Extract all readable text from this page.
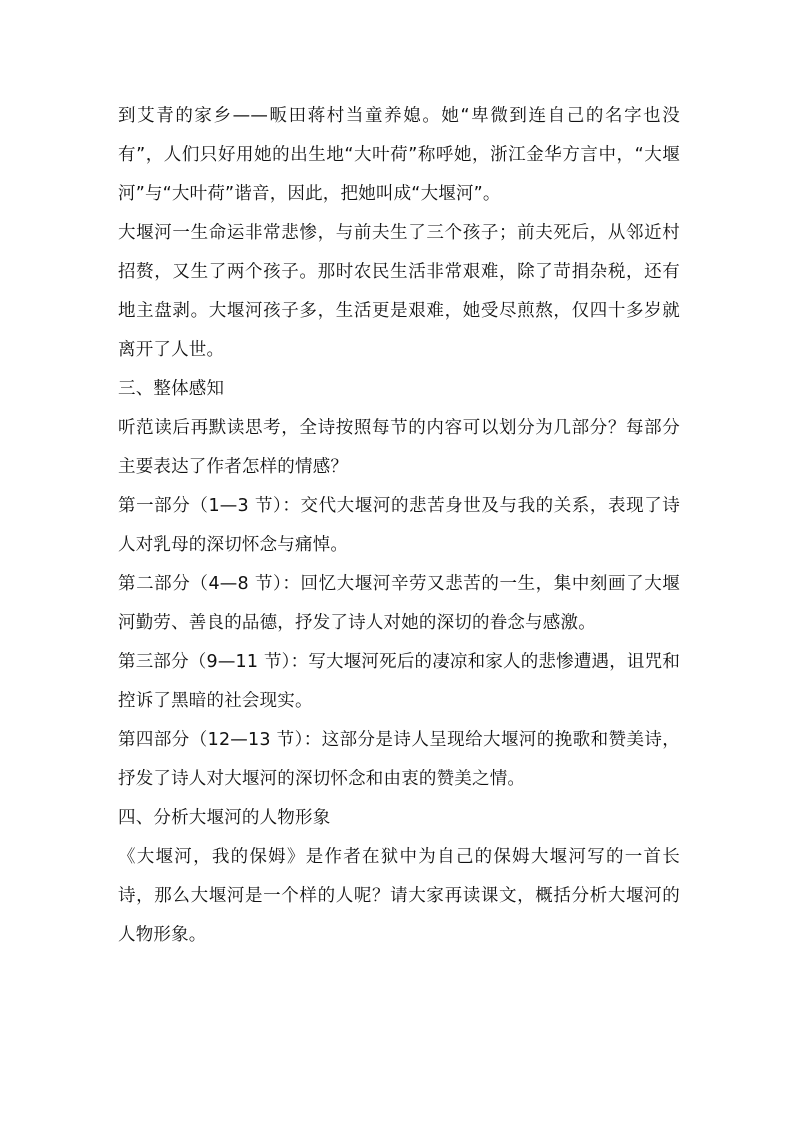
到艾青的家乡——畈田蒋村当童养媳。她“卑微到连自己的名字也没有”，人们只好用她的出生地“大叶荷”称呼她，浙江金华方言中，“大堰河”与“大叶荷”谐音，因此，把她叫成“大堰河”。

大堰河一生命运非常悲惨，与前夫生了三个孩子；前夫死后，从邻近村招赘，又生了两个孩子。那时农民生活非常艰难，除了苛捐杂税，还有地主盘剥。大堰河孩子多，生活更是艰难，她受尽煎熬，仅四十多岁就离开了人世。

三、整体感知

听范读后再默读思考，全诗按照每节的内容可以划分为几部分？每部分主要表达了作者怎样的情感？

第一部分（1—3 节）：交代大堰河的悲苦身世及与我的关系，表现了诗人对乳母的深切怀念与痛悼。

第二部分（4—8 节）：回忆大堰河辛劳又悲苦的一生，集中刻画了大堰河勤劳、善良的品德，抒发了诗人对她的深切的眷念与感激。

第三部分（9—11 节）：写大堰河死后的凄凉和家人的悲惨遭遇，诅咒和控诉了黑暗的社会现实。

第四部分（12—13 节）：这部分是诗人呈现给大堰河的挽歌和赞美诗，抒发了诗人对大堰河的深切怀念和由衷的赞美之情。

四、分析大堰河的人物形象

《大堰河，我的保姆》是作者在狱中为自己的保姆大堰河写的一首长诗，那么大堰河是一个样的人呢？请大家再读课文，概括分析大堰河的人物形象。
